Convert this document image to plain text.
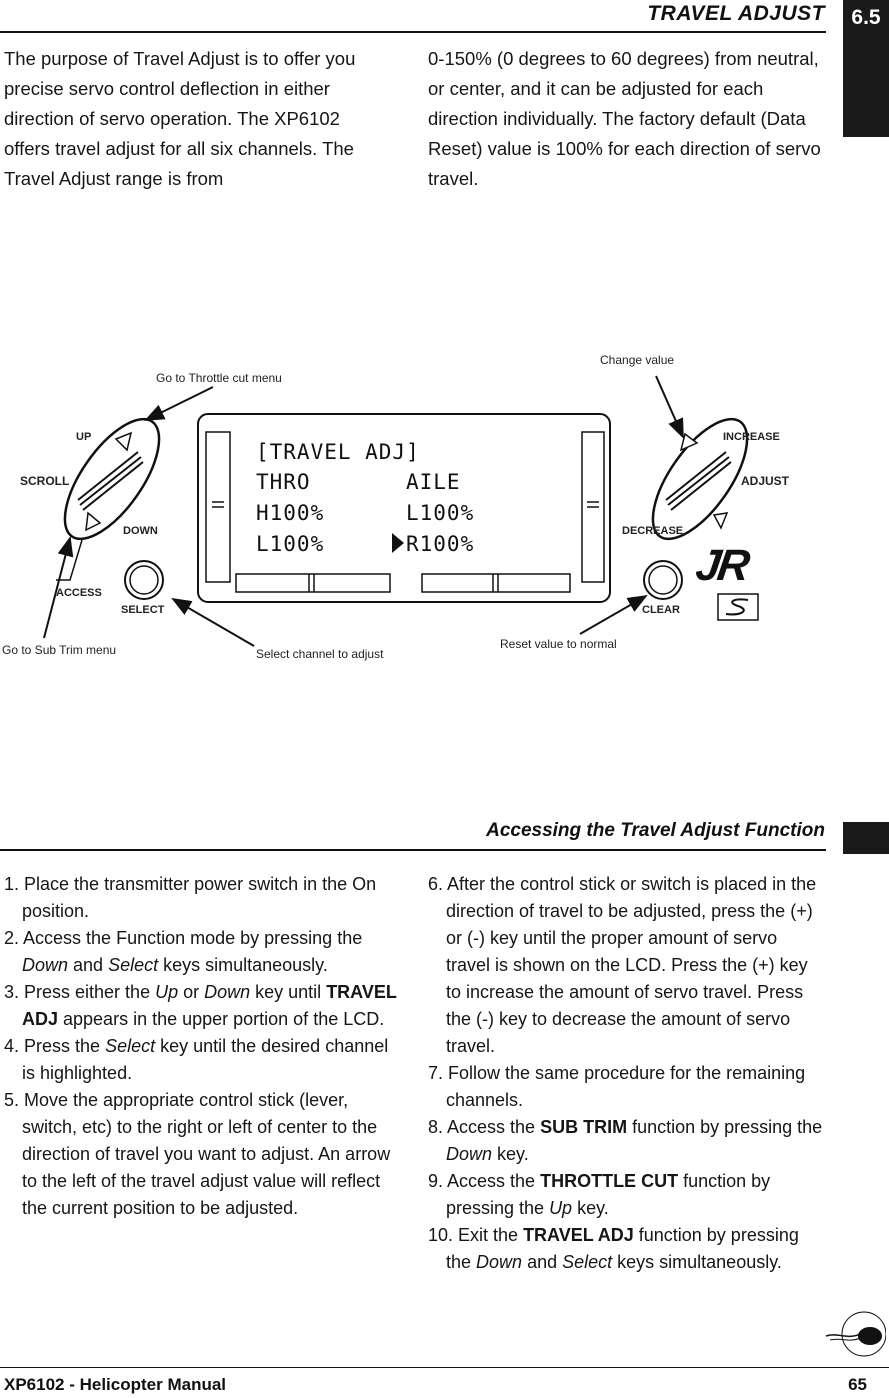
TRAVEL ADJUST	6.5

The purpose of Travel Adjust is to offer you precise servo control deflection in either direction of servo operation. The XP6102 offers travel adjust for all six channels. The Travel Adjust range is from

0-150% (0 degrees to 60 degrees) from neutral, or center, and it can be adjusted for each direction individually. The factory default (Data Reset) value is 100% for each direction of servo travel.

JR
Go to Throttle cut menu
Change value
Go to Sub Trim menu	Select channel to adjust
Reset value to normal
UP
SCROLL
DOWN
ACCESS
SELECT
INCREASE
ADJUST
DECREASE
CLEAR
[TRAVEL ADJ]
THRO	AILE
H100%	L100%
L100%	R100%
Accessing the Travel Adjust Function
1. Place the transmitter power switch in the On position.
2. Access the Function mode by pressing the Down and Select keys simultaneously.
3. Press either the Up or Down key until TRAVEL ADJ appears in the upper portion of the LCD.
4. Press the Select key until the desired channel is highlighted.
5. Move the appropriate control stick (lever, switch, etc) to the right or left of center to the direction of travel you want to adjust. An arrow to the left of the travel adjust value will reflect the current position to be adjusted.
6. After the control stick or switch is placed in the direction of travel to be adjusted, press the (+) or (-) key until the proper amount of servo travel is shown on the LCD. Press the (+) key to increase the amount of servo travel. Press the (-) key to decrease the amount of servo travel.
7. Follow the same procedure for the remaining channels.
8. Access the SUB TRIM function by pressing the Down key.
9. Access the THROTTLE CUT function by pressing the Up key.
10. Exit the TRAVEL ADJ function by pressing the Down and Select keys simultaneously.
XP6102 - Helicopter Manual	65
